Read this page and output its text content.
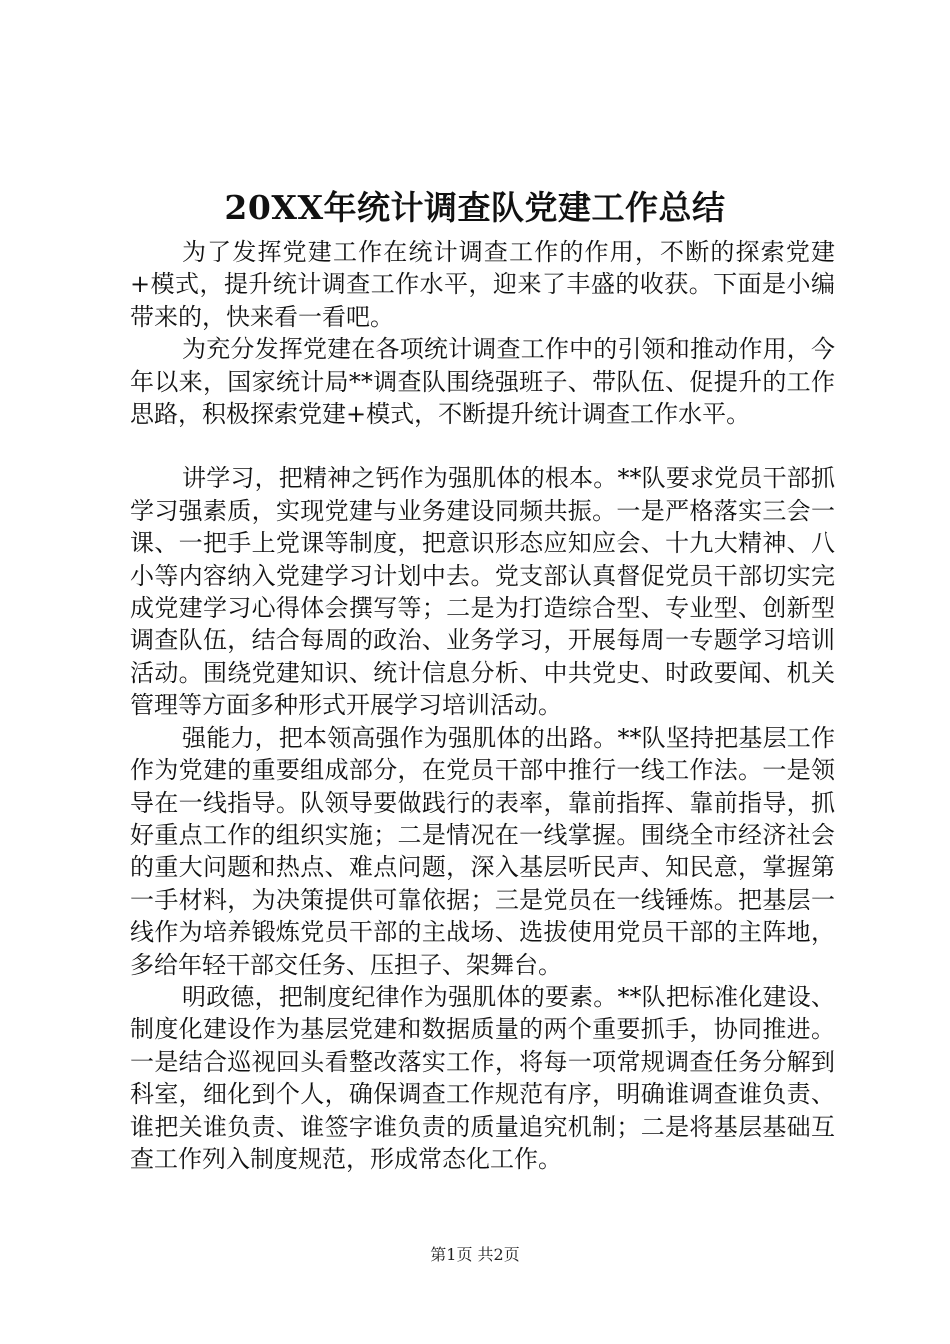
20XX年统计调查队党建工作总结

为了发挥党建工作在统计调查工作的作用，不断的探索党建+模式，提升统计调查工作水平，迎来了丰盛的收获。下面是小编带来的，快来看一看吧。

为充分发挥党建在各项统计调查工作中的引领和推动作用，今年以来，国家统计局**调查队围绕强班子、带队伍、促提升的工作思路，积极探索党建+模式，不断提升统计调查工作水平。

讲学习，把精神之钙作为强肌体的根本。**队要求党员干部抓学习强素质，实现党建与业务建设同频共振。一是严格落实三会一课、一把手上党课等制度，把意识形态应知应会、十九大精神、八小等内容纳入党建学习计划中去。党支部认真督促党员干部切实完成党建学习心得体会撰写等；二是为打造综合型、专业型、创新型调查队伍，结合每周的政治、业务学习，开展每周一专题学习培训活动。围绕党建知识、统计信息分析、中共党史、时政要闻、机关管理等方面多种形式开展学习培训活动。

强能力，把本领高强作为强肌体的出路。**队坚持把基层工作作为党建的重要组成部分，在党员干部中推行一线工作法。一是领导在一线指导。队领导要做践行的表率，靠前指挥、靠前指导，抓好重点工作的组织实施；二是情况在一线掌握。围绕全市经济社会的重大问题和热点、难点问题，深入基层听民声、知民意，掌握第一手材料，为决策提供可靠依据；三是党员在一线锤炼。把基层一线作为培养锻炼党员干部的主战场、选拔使用党员干部的主阵地，多给年轻干部交任务、压担子、架舞台。

明政德，把制度纪律作为强肌体的要素。**队把标准化建设、制度化建设作为基层党建和数据质量的两个重要抓手，协同推进。一是结合巡视回头看整改落实工作，将每一项常规调查任务分解到科室，细化到个人，确保调查工作规范有序，明确谁调查谁负责、谁把关谁负责、谁签字谁负责的质量追究机制；二是将基层基础互查工作列入制度规范，形成常态化工作。

第1页 共2页
